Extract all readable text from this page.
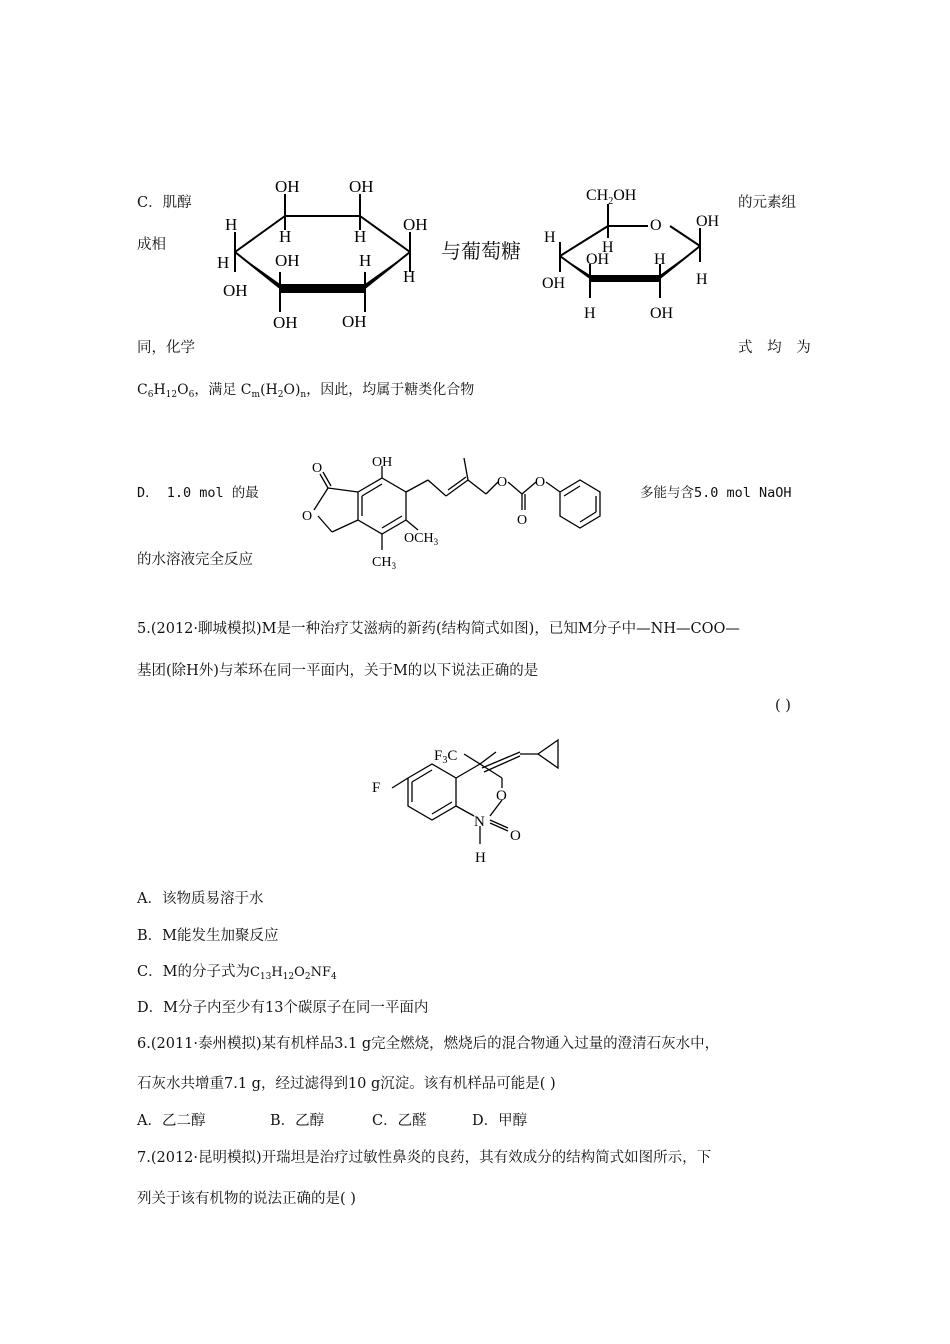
C．肌醇	的元素组
成相
OH	OH
H
H	H
OH
H
H
OH
OH	H
OH	OH
与葡萄糖
$CH_2OH$
O OH
H
H
OH	H
OH	H
OH
H
同，化学	式 均 为
$C_6H_{12}O_6$，满足 $C_m(H_2O)_n$，因此，均属于糖类化合物
D． 1.0 mol 的最
O	OH
O
O O
$OCH_3$
$CH_3$
O
多能与含5.0 mol NaOH
的水溶液完全反应
5.(2012·聊城模拟)M是一种治疗艾滋病的新药(结构简式如图)，已知M分子中—NH—COO—
基团(除H外)与苯环在同一平面内，关于M的以下说法正确的是
( )
$F_3C$
F	O
N
O
H
A．该物质易溶于水
B．M能发生加聚反应
C．M的分子式为$C_{13}H_{12}O_2NF_4$
D．M分子内至少有13个碳原子在同一平面内
6.(2011·泰州模拟)某有机样品3.1 g完全燃烧，燃烧后的混合物通入过量的澄清石灰水中，
石灰水共增重7.1 g，经过滤得到10 g沉淀。该有机样品可能是( )
A．乙二醇	B．乙醇	C．乙醛	D．甲醇
7.(2012·昆明模拟)开瑞坦是治疗过敏性鼻炎的良药，其有效成分的结构简式如图所示，下
列关于该有机物的说法正确的是( )
